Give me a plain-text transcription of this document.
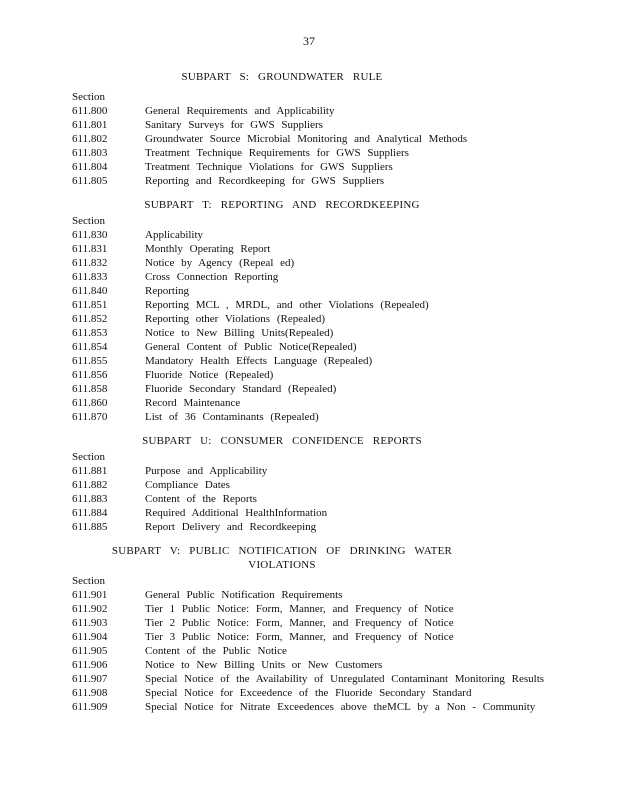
37
SUBPART S: GROUNDWATER RULE
Section
611.800	General Requirements and Applicability
611.801	Sanitary Surveys for GWS Suppliers
611.802	Groundwater Source Microbial Monitoring and Analytical Methods
611.803	Treatment Technique Requirements for GWS Suppliers
611.804	Treatment Technique Violations for GWS Suppliers
611.805	Reporting and Recordkeeping for GWS Suppliers
SUBPART T: REPORTING AND RECORDKEEPING
Section
611.830	Applicability
611.831	Monthly Operating Report
611.832	Notice by Agency (Repeal ed)
611.833	Cross Connection Reporting
611.840	Reporting
611.851	Reporting MCL , MRDL, and other Violations (Repealed)
611.852	Reporting other Violations (Repealed)
611.853	Notice to New Billing Units(Repealed)
611.854	General Content of Public Notice(Repealed)
611.855	Mandatory Health Effects Language (Repealed)
611.856	Fluoride Notice (Repealed)
611.858	Fluoride Secondary Standard (Repealed)
611.860	Record Maintenance
611.870	List of 36 Contaminants (Repealed)
SUBPART U: CONSUMER CONFIDENCE REPORTS
Section
611.881	Purpose and Applicability
611.882	Compliance Dates
611.883	Content of the Reports
611.884	Required Additional HealthInformation
611.885	Report Delivery and Recordkeeping
SUBPART V: PUBLIC NOTIFICATION OF DRINKING WATER
VIOLATIONS
Section
611.901	General Public Notification Requirements
611.902	Tier 1 Public Notice: Form, Manner, and Frequency of Notice
611.903	Tier 2 Public Notice: Form, Manner, and Frequency of Notice
611.904	Tier 3 Public Notice: Form, Manner, and Frequency of Notice
611.905	Content of the Public Notice
611.906	Notice to New Billing Units or New Customers
611.907	Special Notice of the Availability of Unregulated Contaminant Monitoring Results
611.908	Special Notice for Exceedence of the Fluoride Secondary Standard
611.909	Special Notice for Nitrate Exceedences above theMCL by a Non - Community
